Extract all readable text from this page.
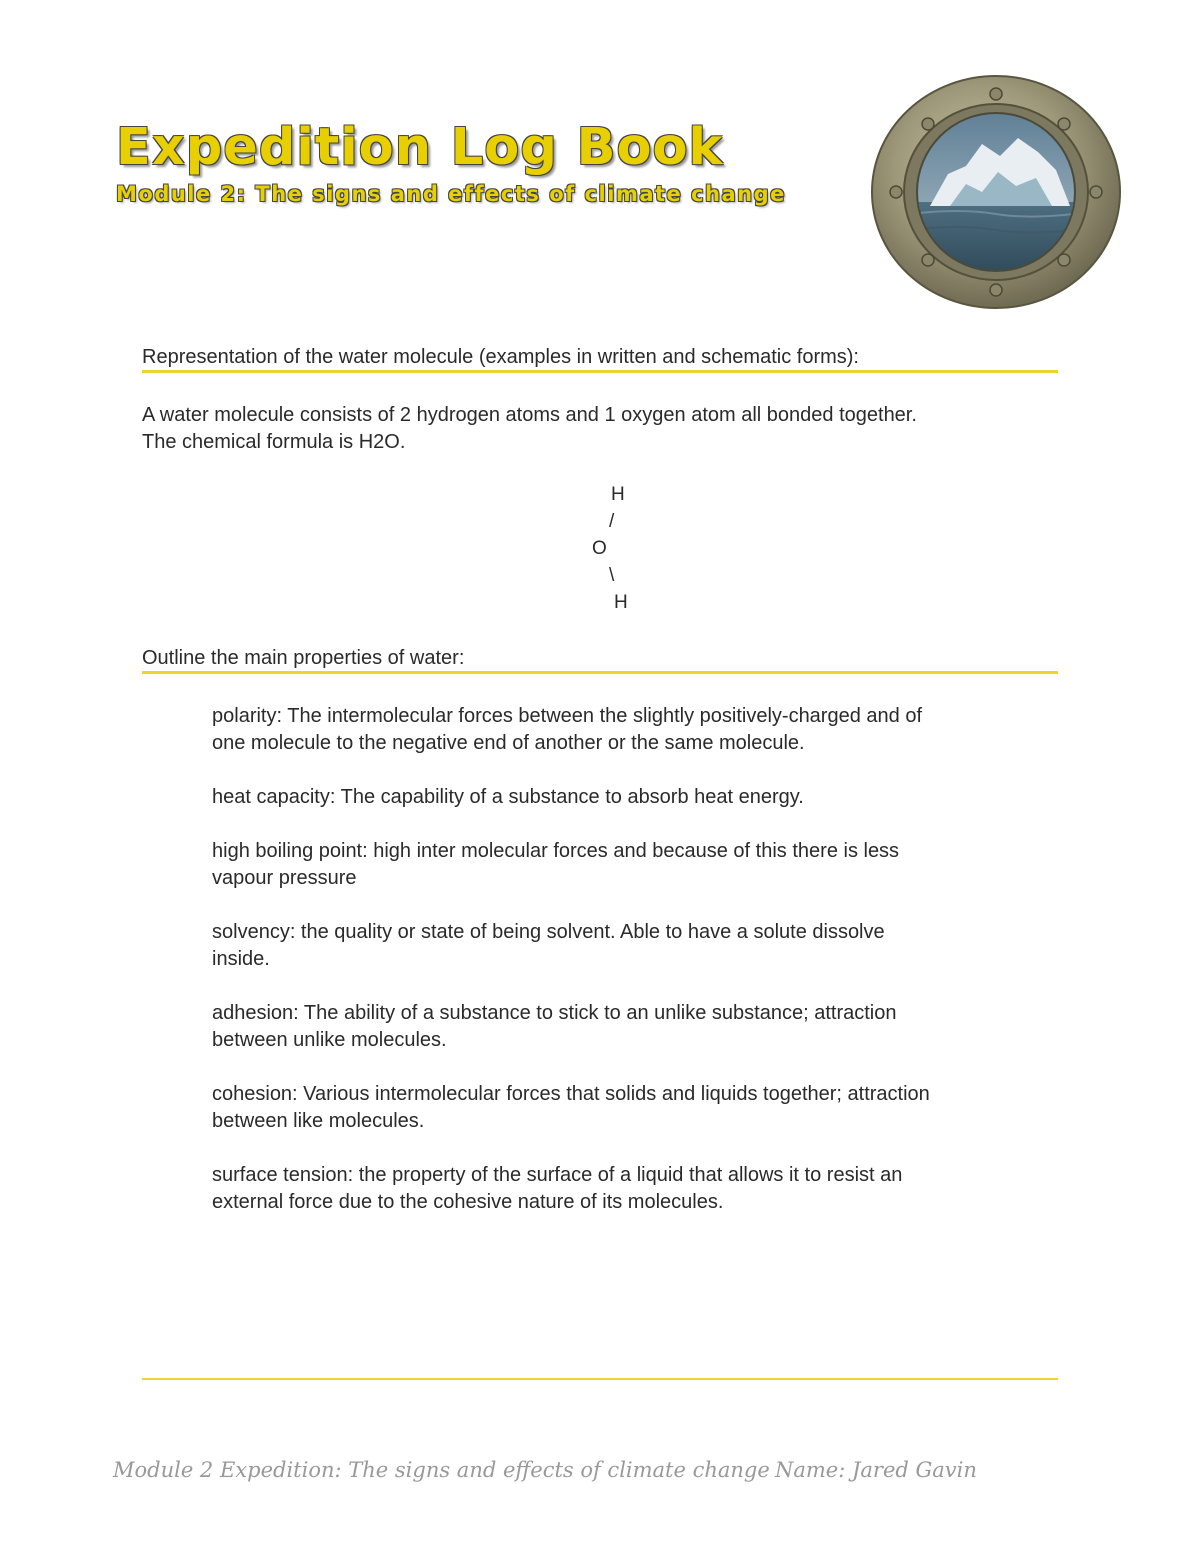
Expedition Log Book
Module 2: The signs and effects of climate change
Representation of the water molecule (examples in written and schematic forms):
A water molecule consists of 2 hydrogen atoms and 1 oxygen atom all bonded together.
The chemical formula is H2O.
H
/
O
\
H
Outline the main properties of water:
polarity: The intermolecular forces between the slightly positively-charged and of
one molecule to the negative end of another or the same molecule.
heat capacity: The capability of a substance to absorb heat energy.
high boiling point: high inter molecular forces and because of this there is less
vapour pressure
solvency: the quality or state of being solvent. Able to have a solute dissolve
inside.
adhesion: The ability of a substance to stick to an unlike substance; attraction
between unlike molecules.
cohesion: Various intermolecular forces that solids and liquids together; attraction
between like molecules.
surface tension: the property of the surface of a liquid that allows it to resist an
external force due to the cohesive nature of its molecules.
Module 2 Expedition: The signs and effects of climate change Name: Jared Gavin
